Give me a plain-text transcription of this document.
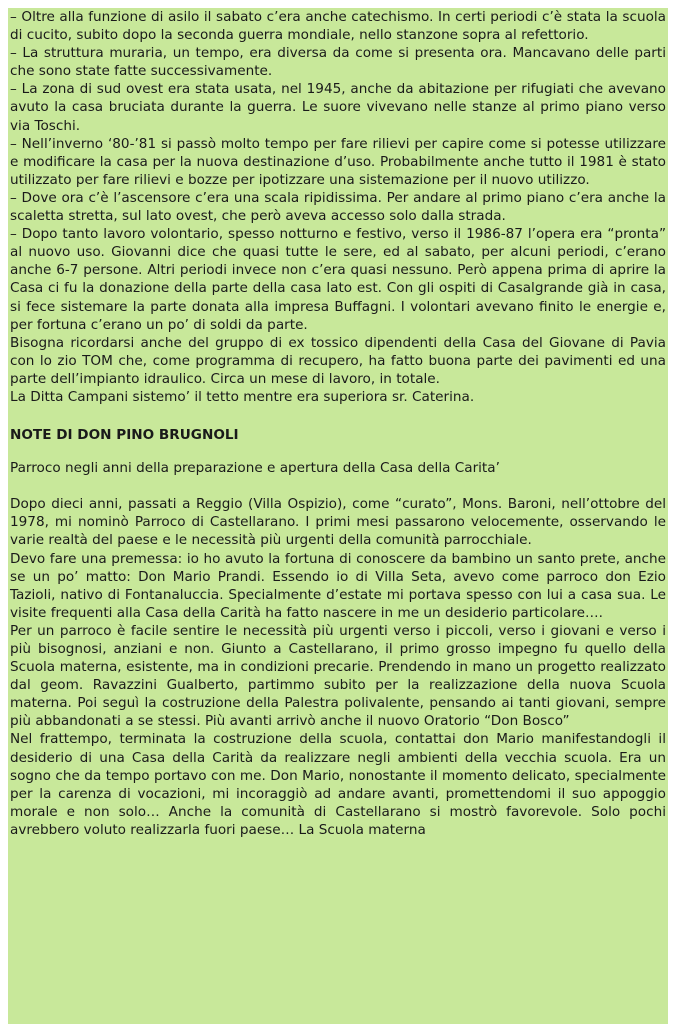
– Oltre alla funzione di asilo il sabato c’era anche catechismo. In certi periodi c’è stata la scuola di cucito, subito dopo la seconda guerra mondiale, nello stanzone sopra al refettorio.

– La struttura muraria, un tempo, era diversa da come si presenta ora. Mancavano delle parti che sono state fatte successivamente.

– La zona di sud ovest era stata usata, nel 1945, anche da abitazione per rifugiati che avevano avuto la casa bruciata durante la guerra. Le suore vivevano nelle stanze al primo piano verso via Toschi.

– Nell’inverno ‘80-’81 si passò molto tempo per fare rilievi per capire come si potesse utilizzare e modificare la casa per la nuova destinazione d’uso. Probabilmente anche tutto il 1981 è stato utilizzato per fare rilievi e bozze per ipotizzare una sistemazione per il nuovo utilizzo.

– Dove ora c’è l’ascensore c’era una scala ripidissima. Per andare al primo piano c’era anche la scaletta stretta, sul lato ovest, che però aveva accesso solo dalla strada.

– Dopo tanto lavoro volontario, spesso notturno e festivo, verso il 1986-87 l’opera era “pronta” al nuovo uso. Giovanni dice che quasi tutte le sere, ed al sabato, per alcuni periodi, c’erano anche 6-7 persone. Altri periodi invece non c’era quasi nessuno. Però appena prima di aprire la Casa ci fu la donazione della parte della casa lato est. Con gli ospiti di Casalgrande già in casa, si fece sistemare la parte donata alla impresa Buffagni. I volontari avevano finito le energie e, per fortuna c’erano un po’ di soldi da parte.

Bisogna ricordarsi anche del gruppo di ex tossico dipendenti della Casa del Giovane di Pavia con lo zio TOM che, come programma di recupero, ha fatto buona parte dei pavimenti ed una parte dell’impianto idraulico. Circa un mese di lavoro, in totale.

La Ditta Campani sistemo’ il tetto mentre era superiora sr. Caterina.

NOTE DI DON PINO BRUGNOLI

Parroco negli anni della preparazione e apertura della Casa della Carita’

Dopo dieci anni, passati a Reggio (Villa Ospizio), come “curato”, Mons. Baroni, nell’ottobre del 1978, mi nominò Parroco di Castellarano. I primi mesi passarono velocemente, osservando le varie realtà del paese e le necessità più urgenti della comunità parrocchiale.

Devo fare una premessa: io ho avuto la fortuna di conoscere da bambino un santo prete, anche se un po’ matto: Don Mario Prandi. Essendo io di Villa Seta, avevo come parroco don Ezio Tazioli, nativo di Fontanaluccia. Specialmente d’estate mi portava spesso con lui a casa sua. Le visite frequenti alla Casa della Carità ha fatto nascere in me un desiderio particolare….

Per un parroco è facile sentire le necessità più urgenti verso i piccoli, verso i giovani e verso i più bisognosi, anziani e non. Giunto a Castellarano, il primo grosso impegno fu quello della Scuola materna, esistente, ma in condizioni precarie. Prendendo in mano un progetto realizzato dal geom. Ravazzini Gualberto, partimmo subito per la realizzazione della nuova Scuola materna. Poi seguì la costruzione della Palestra polivalente, pensando ai tanti giovani, sempre più abbandonati a se stessi. Più avanti arrivò anche il nuovo Oratorio “Don Bosco”

Nel frattempo, terminata la costruzione della scuola, contattai don Mario manifestandogli il desiderio di una Casa della Carità da realizzare negli ambienti della vecchia scuola. Era un sogno che da tempo portavo con me. Don Mario, nonostante il momento delicato, specialmente per la carenza di vocazioni, mi incoraggiò ad andare avanti, promettendomi il suo appoggio morale e non solo… Anche la comunità di Castellarano si mostrò favorevole. Solo pochi avrebbero voluto realizzarla fuori paese… La Scuola materna
